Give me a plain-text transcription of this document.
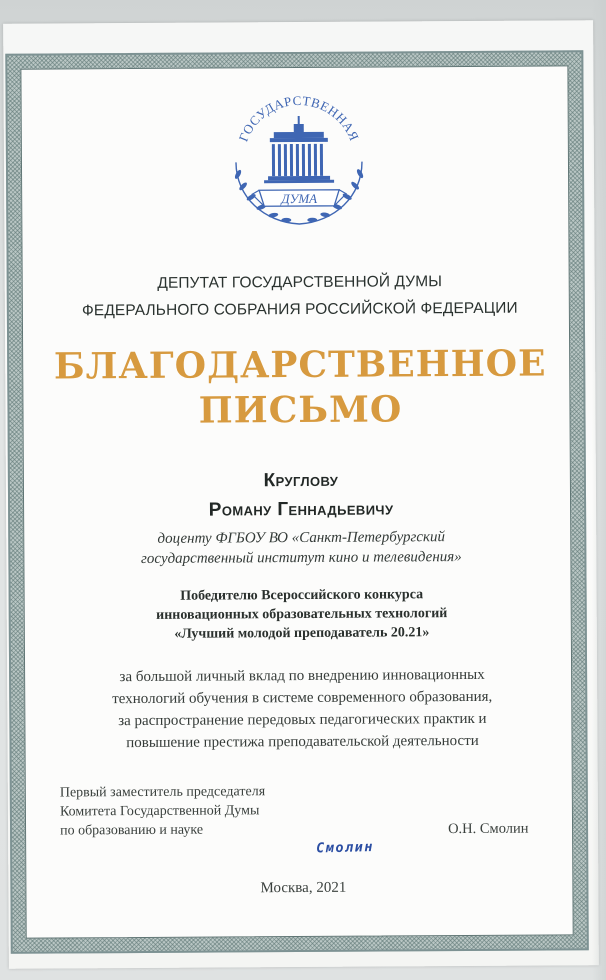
ГОСУДАРСТВЕННАЯ
ДУМА
ДЕПУТАТ ГОСУДАРСТВЕННОЙ ДУМЫ
ФЕДЕРАЛЬНОГО СОБРАНИЯ РОССИЙСКОЙ ФЕДЕРАЦИИ
БЛАГОДАРСТВЕННОЕ
ПИСЬМО
Круглову
Роману Геннадьевичу
доценту ФГБОУ ВО «Санкт-Петербургский
государственный институт кино и телевидения»
Победителю Всероссийского конкурса
инновационных образовательных технологий
«Лучший молодой преподаватель 20.21»
за большой личный вклад по внедрению инновационных
технологий обучения в системе современного образования,
за распространение передовых педагогических практик и
повышение престижа преподавательской деятельности
Первый заместитель председателя
Комитета Государственной Думы
по образованию и науке
Смолин
О.Н. Смолин
Москва, 2021
